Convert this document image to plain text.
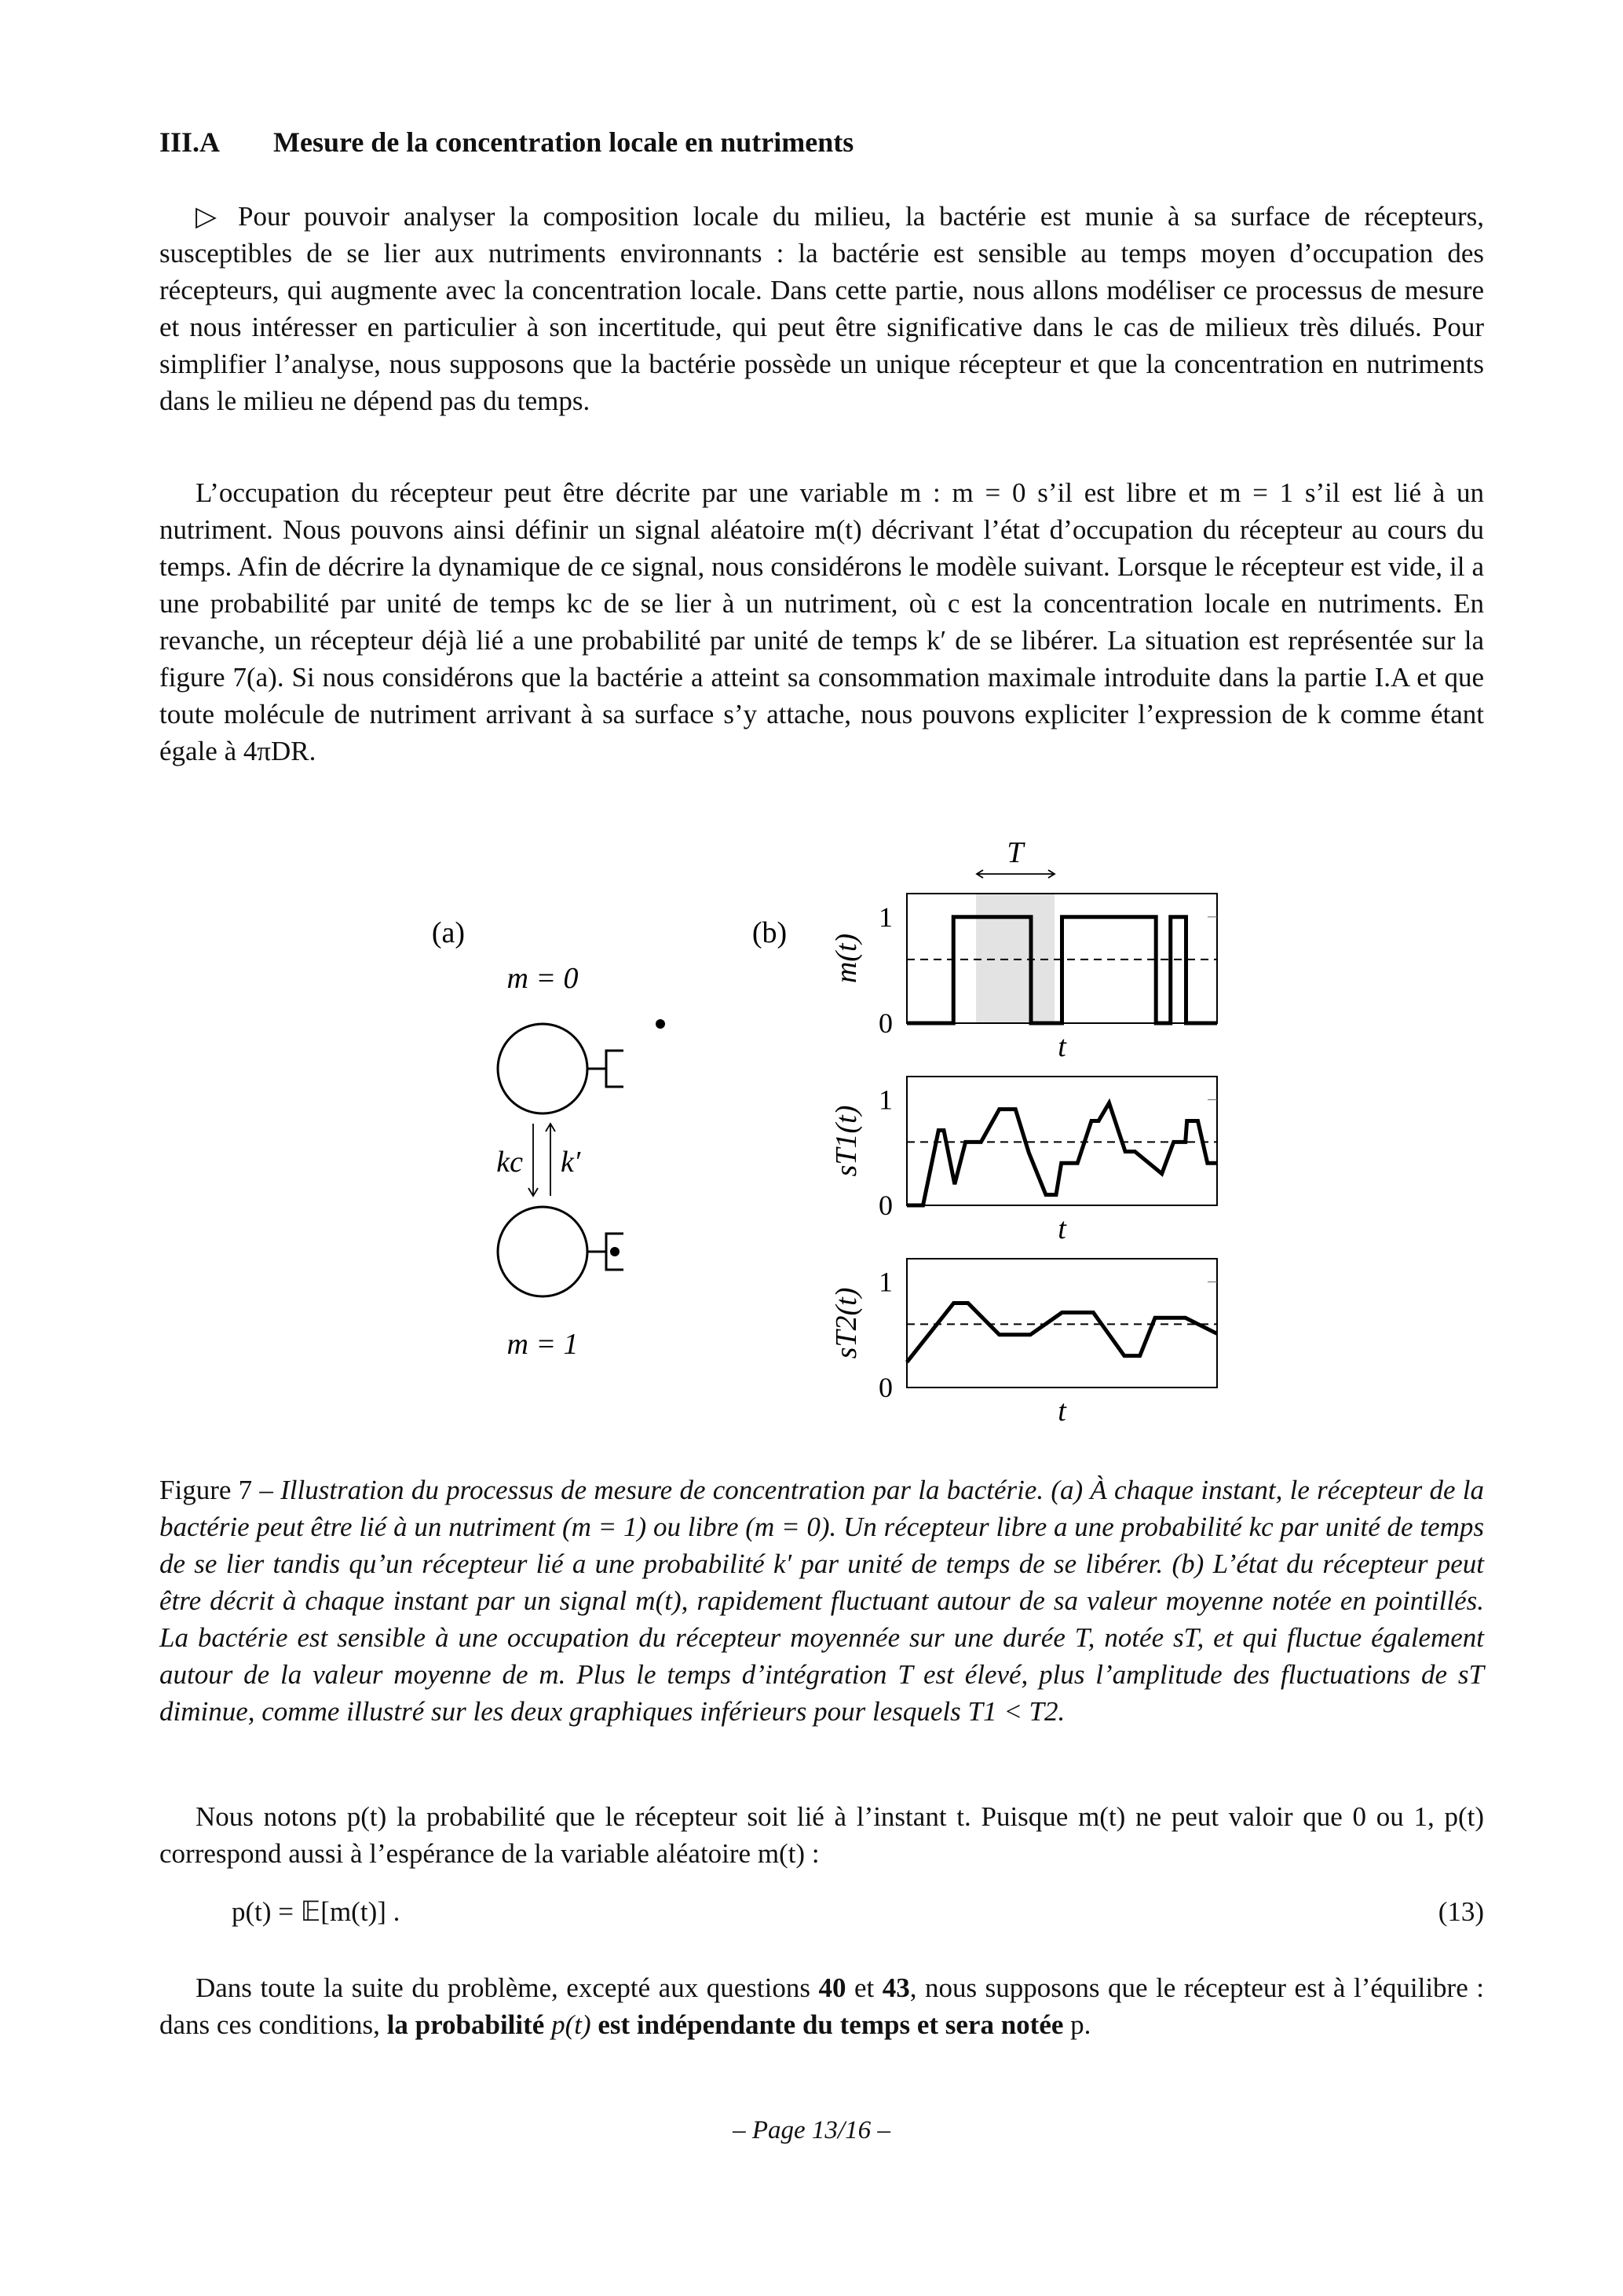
III.A Mesure de la concentration locale en nutriments
▷ Pour pouvoir analyser la composition locale du milieu, la bactérie est munie à sa surface de récepteurs, susceptibles de se lier aux nutriments environnants : la bactérie est sensible au temps moyen d’occupation des récepteurs, qui augmente avec la concentration locale. Dans cette partie, nous allons modéliser ce processus de mesure et nous intéresser en particulier à son incertitude, qui peut être significative dans le cas de milieux très dilués. Pour simplifier l’analyse, nous supposons que la bactérie possède un unique récepteur et que la concentration en nutriments dans le milieu ne dépend pas du temps.
L’occupation du récepteur peut être décrite par une variable m : m = 0 s’il est libre et m = 1 s’il est lié à un nutriment. Nous pouvons ainsi définir un signal aléatoire m(t) décrivant l’état d’occupation du récepteur au cours du temps. Afin de décrire la dynamique de ce signal, nous considérons le modèle suivant. Lorsque le récepteur est vide, il a une probabilité par unité de temps kc de se lier à un nutriment, où c est la concentration locale en nutriments. En revanche, un récepteur déjà lié a une probabilité par unité de temps k′ de se libérer. La situation est représentée sur la figure 7(a). Si nous considérons que la bactérie a atteint sa consommation maximale introduite dans la partie I.A et que toute molécule de nutriment arrivant à sa surface s’y attache, nous pouvons expliciter l’expression de k comme étant égale à 4πDR.
(a)	(b)
m = 0
kc k′
m = 1
T
0
1
t
m(t)
0
1
t
sT1(t)
0
1
t
sT2(t)
Figure 7 – Illustration du processus de mesure de concentration par la bactérie. (a) À chaque instant, le récepteur de la bactérie peut être lié à un nutriment (m = 1) ou libre (m = 0). Un récepteur libre a une probabilité kc par unité de temps de se lier tandis qu’un récepteur lié a une probabilité k′ par unité de temps de se libérer. (b) L’état du récepteur peut être décrit à chaque instant par un signal m(t), rapidement fluctuant autour de sa valeur moyenne notée en pointillés. La bactérie est sensible à une occupation du récepteur moyennée sur une durée T, notée sT, et qui fluctue également autour de la valeur moyenne de m. Plus le temps d’intégration T est élevé, plus l’amplitude des fluctuations de sT diminue, comme illustré sur les deux graphiques inférieurs pour lesquels T1 < T2.
Nous notons p(t) la probabilité que le récepteur soit lié à l’instant t. Puisque m(t) ne peut valoir que 0 ou 1, p(t) correspond aussi à l’espérance de la variable aléatoire m(t) :
p(t) = 𝔼[m(t)] .	(13)
Dans toute la suite du problème, excepté aux questions 40 et 43, nous supposons que le récepteur est à l’équilibre : dans ces conditions, la probabilité p(t) est indépendante du temps et sera notée p.
– Page 13/16 –
